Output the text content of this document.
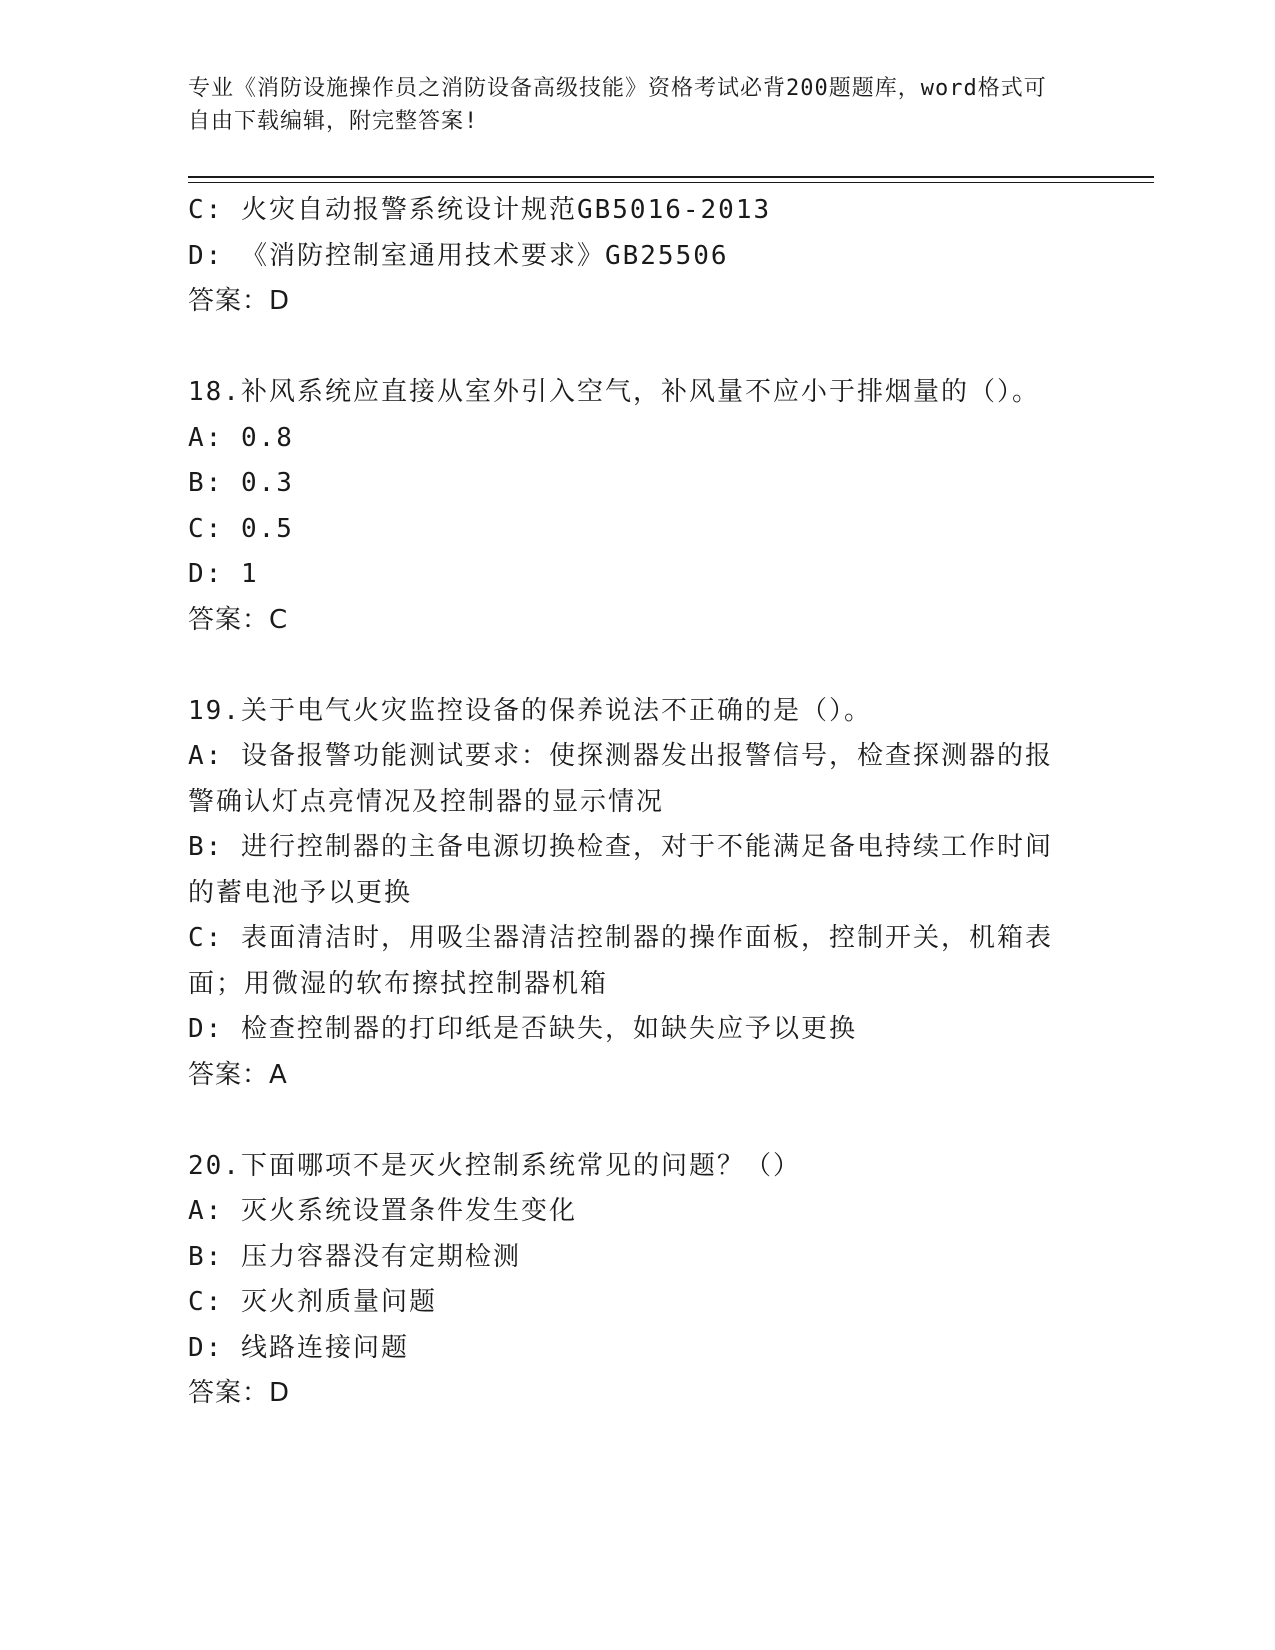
专业《消防设施操作员之消防设备高级技能》资格考试必背200题题库，word格式可自由下载编辑，附完整答案!
C: 火灾自动报警系统设计规范GB5016-2013
D: 《消防控制室通用技术要求》GB25506
答案：D
18.补风系统应直接从室外引入空气，补风量不应小于排烟量的（）。
A: 0.8
B: 0.3
C: 0.5
D: 1
答案：C
19.关于电气火灾监控设备的保养说法不正确的是（）。
A: 设备报警功能测试要求：使探测器发出报警信号，检查探测器的报警确认灯点亮情况及控制器的显示情况
B: 进行控制器的主备电源切换检查，对于不能满足备电持续工作时间的蓄电池予以更换
C: 表面清洁时，用吸尘器清洁控制器的操作面板，控制开关，机箱表面；用微湿的软布擦拭控制器机箱
D: 检查控制器的打印纸是否缺失，如缺失应予以更换
答案：A
20.下面哪项不是灭火控制系统常见的问题？（）
A: 灭火系统设置条件发生变化
B: 压力容器没有定期检测
C: 灭火剂质量问题
D: 线路连接问题
答案：D
